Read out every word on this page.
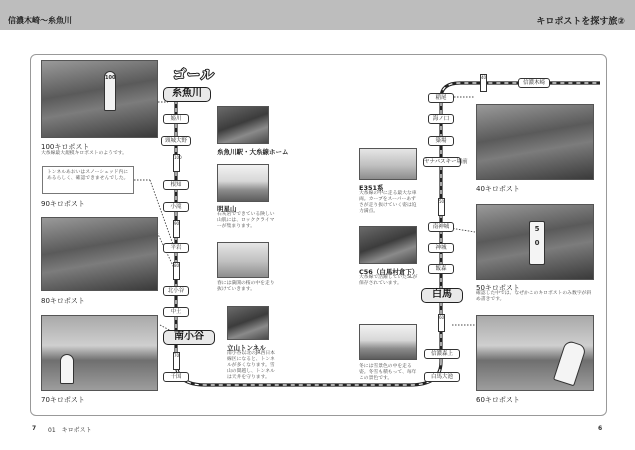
信濃木崎～糸魚川	キロポストを探す旅②
ゴール
糸魚川
南小谷
白馬
姫川
頸城大野
根知
小滝
平岩
北小谷
中土
千国
稲尾
海ノ口
簗場
ヤナバスキー場前
南神城
神城
飯森
信濃森上
白馬大池
信濃木崎
100
90
80
70
60
50
40
100
100キロポスト
大糸線最大規模キロポストのようです。
トンネルあおいはスノーシェッド内にあるらしく、確認できませんでした。
90キロポスト
80キロポスト
70キロポスト
糸魚川駅・大糸線ホーム
明星山
石灰岩でできている険しい山肌には、ロッククライマーが集まります。
春には満開の桜の中を走り抜けていきます。
立山トンネル
南小谷以北のJR西日本線区になると、トンネルが多くなります。雪山の間越し、トンネルは天井を守ります。
E351系
大糸線の中に走る最大な車両。カーブをスーパーあずさが走り抜けていく姿は迫力満点。
C56（白馬村倉下）
大糸線で活躍していたSLが保存されています。
冬には雪景色の中を走る姿。冬雪も積もって、毎年この景色です。
40キロポスト
5
0
50キロポスト
確認した中では、なぜかこのキロポストのみ数字が斜め書きです。
60キロポスト
7 01　キロポスト	6
